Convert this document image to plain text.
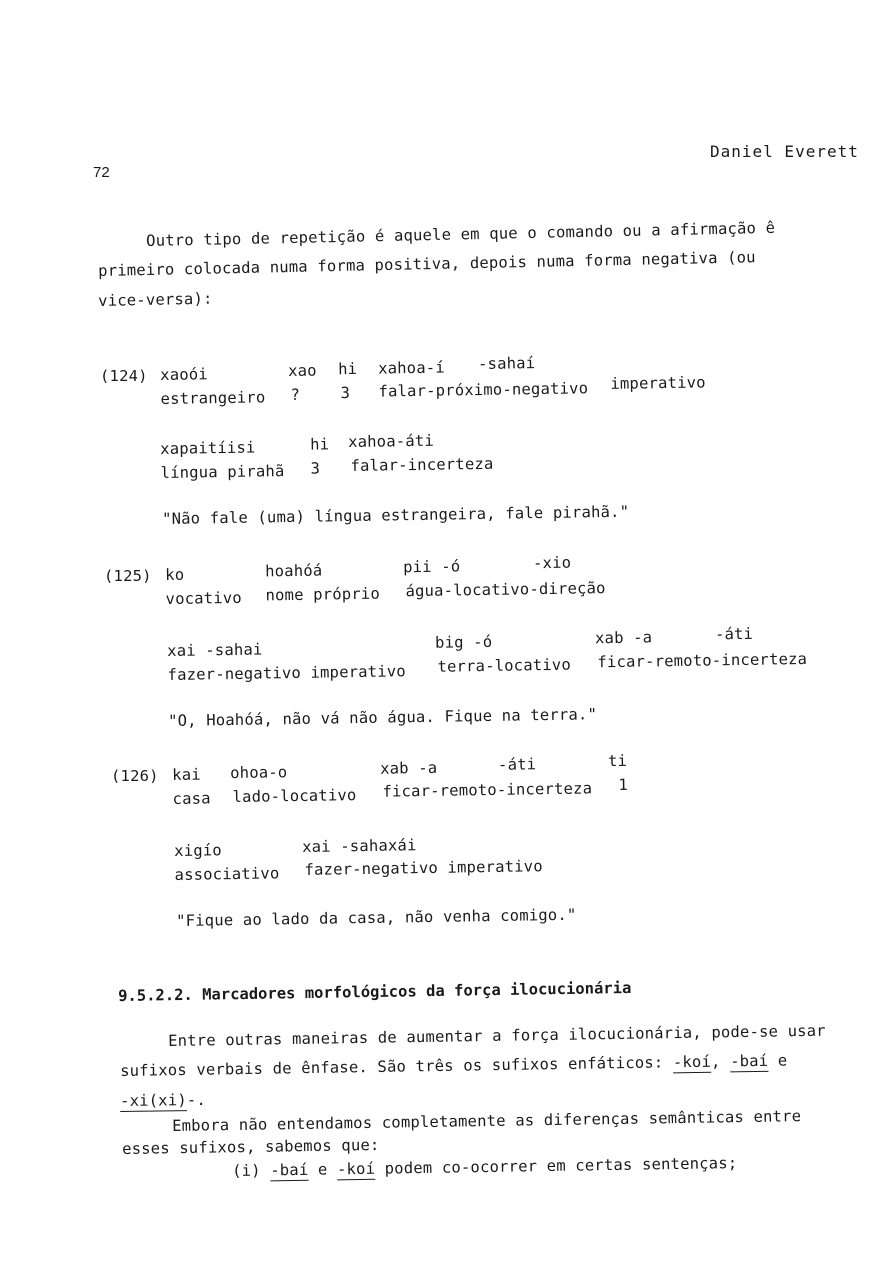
72
Daniel Everett
Outro tipo de repetição é aquele em que o comando ou a afirmação ê
primeiro colocada numa forma positiva, depois numa forma negativa (ou
vice-versa):
(124) xaoói
estrangeiro
xao
?
hi
3
xahoa-í
falar-próximo-negativo
-sahaí
imperativo
xapaitíisi
língua pirahã
hi
3
xahoa-áti
falar-incerteza
"Não fale (uma) língua estrangeira, fale pirahã."
(125) ko
vocativo
hoahóá
nome próprio
pii -ó
água-locativo-direção
-xio
xai -sahai
fazer-negativo imperativo
big -ó
terra-locativo
xab -a
ficar-remoto-incerteza
-áti
"O, Hoahóá, não vá não água. Fique na terra."
(126) kai
casa
ohoa-o
lado-locativo
xab -a
ficar-remoto-incerteza
-áti	ti
1
xigío
associativo
xai -sahaxái
fazer-negativo imperativo
"Fique ao lado da casa, não venha comigo."
9.5.2.2. Marcadores morfológicos da força ilocucionária
Entre outras maneiras de aumentar a força ilocucionária, pode-se usar
sufixos verbais de ênfase. São três os sufixos enfáticos: -koí, -baí e
-xi(xi)-.
Embora não entendamos completamente as diferenças semânticas entre
esses sufixos, sabemos que:
(i) -baí e -koí podem co-ocorrer em certas sentenças;
